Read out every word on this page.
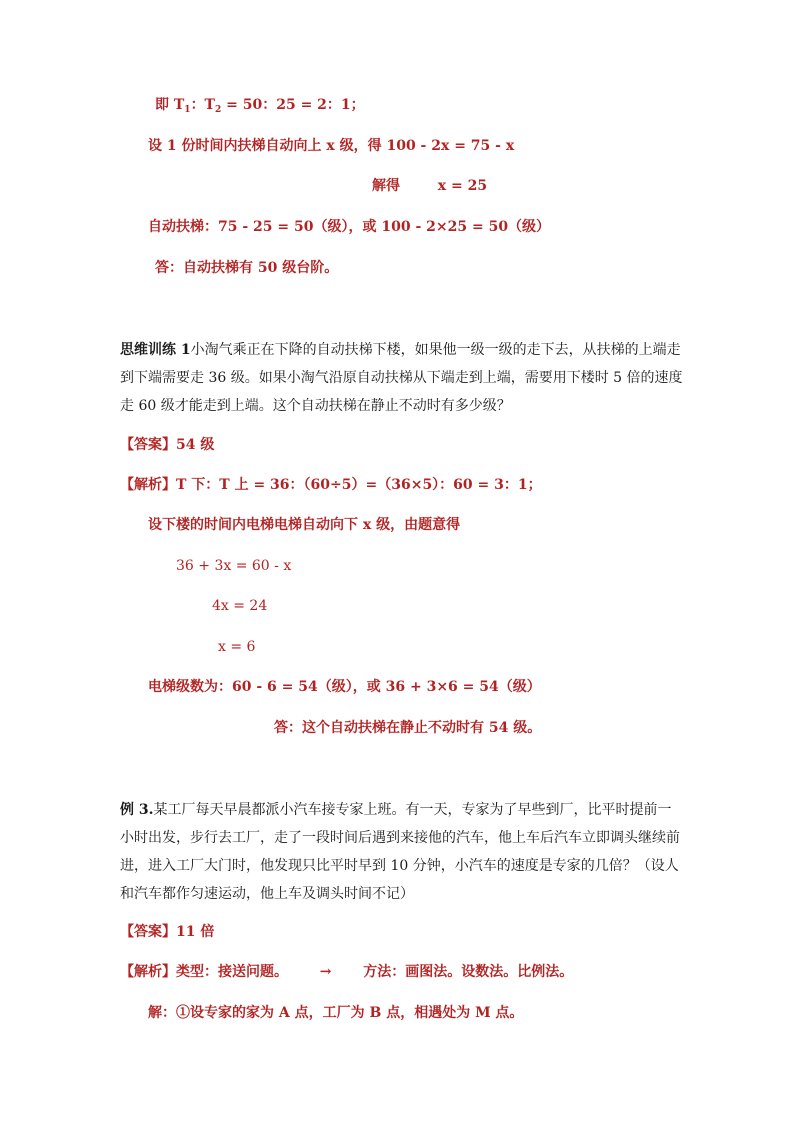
即 $T_1$：$T_2 = 50$：25 = 2：1；
设 1 份时间内扶梯自动向上 x 级，得 100 - 2x = 75 - x
解得	x = 25
自动扶梯：75 - 25 = 50（级），或 100 - 2×25 = 50（级）
答：自动扶梯有 50 级台阶。
思维训练 1小淘气乘正在下降的自动扶梯下楼，如果他一级一级的走下去，从扶梯的上端走
到下端需要走 36 级。如果小淘气沿原自动扶梯从下端走到上端，需要用下楼时 5 倍的速度
走 60 级才能走到上端。这个自动扶梯在静止不动时有多少级？
【答案】54 级
【解析】T 下：T 上 = 36：（60÷5）=（36×5）：60 = 3：1；
设下楼的时间内电梯电梯自动向下 x 级，由题意得
36 + 3x = 60 - x
4x = 24
x = 6
电梯级数为：60 - 6 = 54（级），或 36 + 3×6 = 54（级）
答：这个自动扶梯在静止不动时有 54 级。
例 3.某工厂每天早晨都派小汽车接专家上班。有一天，专家为了早些到厂，比平时提前一
小时出发，步行去工厂，走了一段时间后遇到来接他的汽车，他上车后汽车立即调头继续前
进，进入工厂大门时，他发现只比平时早到 10 分钟，小汽车的速度是专家的几倍？（设人
和汽车都作匀速运动，他上车及调头时间不记）
【答案】11 倍
【解析】类型：接送问题。 → 方法：画图法。设数法。比例法。
解：①设专家的家为 A 点，工厂为 B 点，相遇处为 M 点。
